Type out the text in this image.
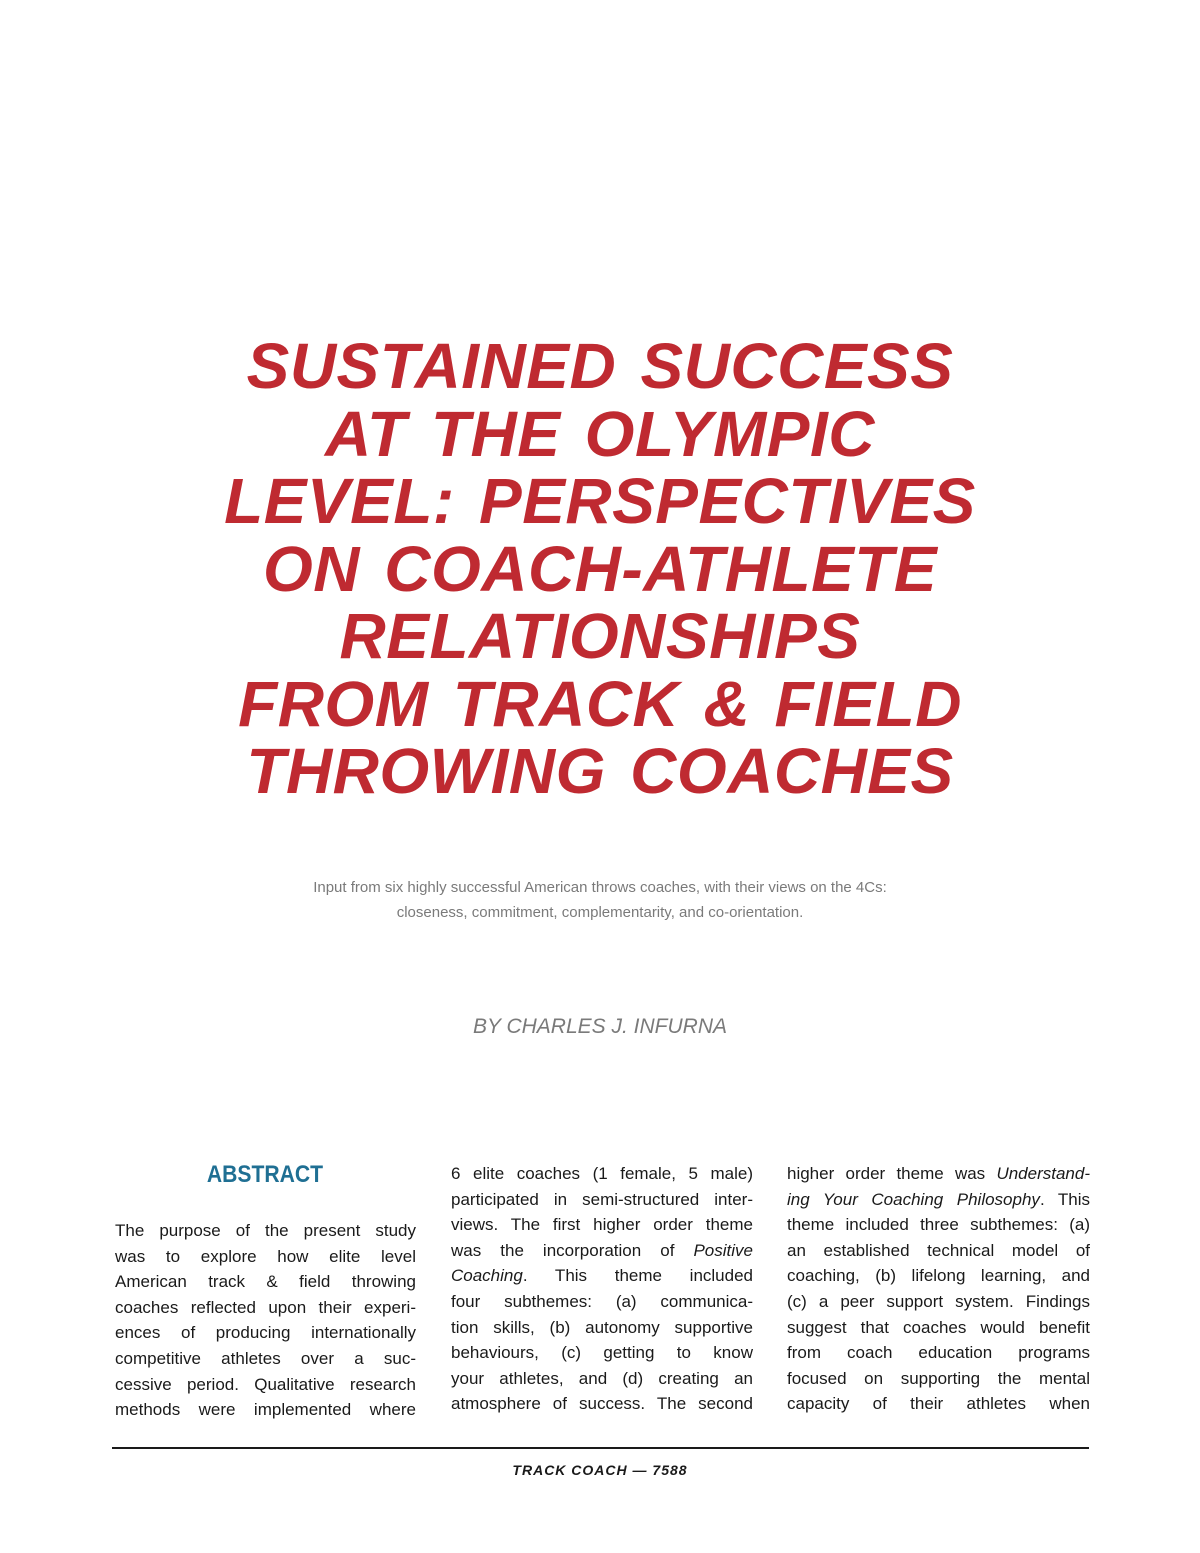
SUSTAINED SUCCESS
AT THE OLYMPIC
LEVEL: PERSPECTIVES
ON COACH-ATHLETE
RELATIONSHIPS
FROM TRACK & FIELD
THROWING COACHES
Input from six highly successful American throws coaches, with their views on the 4Cs:
closeness, commitment, complementarity, and co-orientation.
BY CHARLES J. INFURNA
ABSTRACT
The purpose of the present study
was to explore how elite level
American track & field throwing
coaches reflected upon their experi-
ences of producing internationally
competitive athletes over a suc-
cessive period. Qualitative research
methods were implemented where
6 elite coaches (1 female, 5 male)
participated in semi-structured inter-
views. The first higher order theme
was the incorporation of Positive
Coaching. This theme included
four subthemes: (a) communica-
tion skills, (b) autonomy supportive
behaviours, (c) getting to know
your athletes, and (d) creating an
atmosphere of success. The second
higher order theme was Understand-
ing Your Coaching Philosophy. This
theme included three subthemes: (a)
an established technical model of
coaching, (b) lifelong learning, and
(c) a peer support system. Findings
suggest that coaches would benefit
from coach education programs
focused on supporting the mental
capacity of their athletes when
TRACK COACH — 7588
